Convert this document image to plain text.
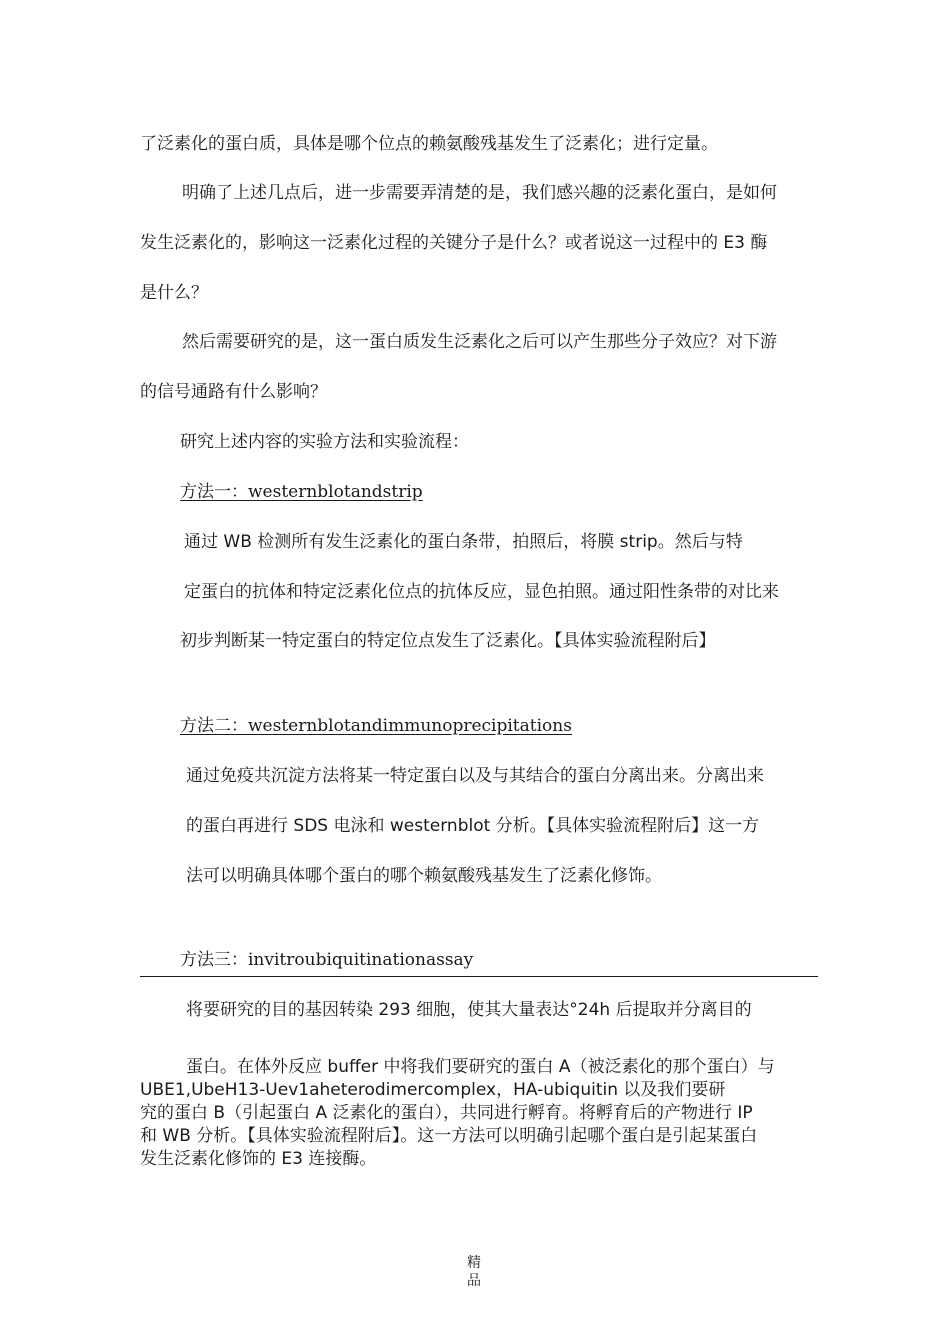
了泛素化的蛋白质，具体是哪个位点的赖氨酸残基发生了泛素化；进行定量。
明确了上述几点后，进一步需要弄清楚的是，我们感兴趣的泛素化蛋白，是如何
发生泛素化的，影响这一泛素化过程的关键分子是什么？或者说这一过程中的 E3 酶
是什么？
然后需要研究的是，这一蛋白质发生泛素化之后可以产生那些分子效应？对下游
的信号通路有什么影响？
研究上述内容的实验方法和实验流程：
方法一：westernblotandstrip
通过 WB 检测所有发生泛素化的蛋白条带，拍照后，将膜 strip。然后与特
定蛋白的抗体和特定泛素化位点的抗体反应，显色拍照。通过阳性条带的对比来
初步判断某一特定蛋白的特定位点发生了泛素化。【具体实验流程附后】
方法二：westernblotandimmunoprecipitations
通过免疫共沉淀方法将某一特定蛋白以及与其结合的蛋白分离出来。分离出来
的蛋白再进行 SDS 电泳和 westernblot 分析。【具体实验流程附后】这一方
法可以明确具体哪个蛋白的哪个赖氨酸残基发生了泛素化修饰。
方法三：invitroubiquitinationassay
将要研究的目的基因转染 293 细胞，使其大量表达°24h 后提取并分离目的
蛋白。在体外反应 buffer 中将我们要研究的蛋白 A（被泛素化的那个蛋白）与
UBE1,UbeH13-Uev1aheterodimercomplex，HA-ubiquitin 以及我们要研
究的蛋白 B（引起蛋白 A 泛素化的蛋白），共同进行孵育。将孵育后的产物进行 IP
和 WB 分析。【具体实验流程附后】。这一方法可以明确引起哪个蛋白是引起某蛋白
发生泛素化修饰的 E3 连接酶。
精
品
